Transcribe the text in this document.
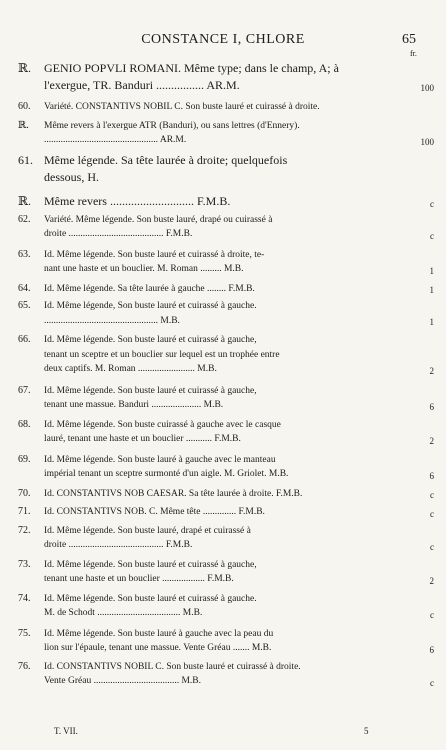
CONSTANCE I, CHLORE	65
fr.
ℝ.	GENIO POPVLI ROMANI. Même type; dans le champ, A; à
l'exergue, TR. Banduri ................ AR.M.	100
60.	Variété. CONSTANTIVS NOBIL C. Son buste lauré et cuirassé à droite.
ℝ.	Même revers à l'exergue ATR (Banduri), ou sans lettres (d'Ennery).
................................................ AR.M.	100
61. Même légende. Sa tête laurée à droite; quelquefois
dessous, H.
ℝ.	Même revers ............................ F.M.B.	c
62.	Variété. Même légende. Son buste lauré, drapé ou cuirassé à
droite ........................................ F.M.B.	c
63.	Id. Même légende. Son buste lauré et cuirassé à droite, te-
nant une haste et un bouclier. M. Roman ......... M.B.	1
64.	Id. Même légende. Sa tête laurée à gauche ........ F.M.B.	1
65.	Id. Même légende, Son buste lauré et cuirassé à gauche.
................................................ M.B.	1
66.	Id. Même légende. Son buste lauré et cuirassé à gauche,
tenant un sceptre et un bouclier sur lequel est un trophée entre
deux captifs. M. Roman ........................ M.B.	2
67.	Id. Même légende. Son buste lauré et cuirassé à gauche,
tenant une massue. Banduri ..................... M.B.	6
68.	Id. Même légende. Son buste cuirassé à gauche avec le casque
lauré, tenant une haste et un bouclier ........... F.M.B.	2
69.	Id. Même légende. Son buste lauré à gauche avec le manteau
impérial tenant un sceptre surmonté d'un aigle. M. Griolet. M.B.	6
70.	Id. CONSTANTIVS NOB CAESAR. Sa tête laurée à droite. F.M.B.	c
71.	Id. CONSTANTIVS NOB. C. Même tête .............. F.M.B.	c
72.	Id. Même légende. Son buste lauré, drapé et cuirassé à
droite ........................................ F.M.B.	c
73.	Id. Même légende. Son buste lauré et cuirassé à gauche,
tenant une haste et un bouclier .................. F.M.B.	2
74.	Id. Même légende. Son buste lauré et cuirassé à gauche.
M. de Schodt ................................... M.B.	c
75.	Id. Même légende. Son buste lauré à gauche avec la peau du
lion sur l'épaule, tenant une massue. Vente Gréau ....... M.B.	6
76.	Id. CONSTANTIVS NOBIL C. Son buste lauré et cuirassé à droite.
Vente Gréau .................................... M.B.	c
T. VII.	5
